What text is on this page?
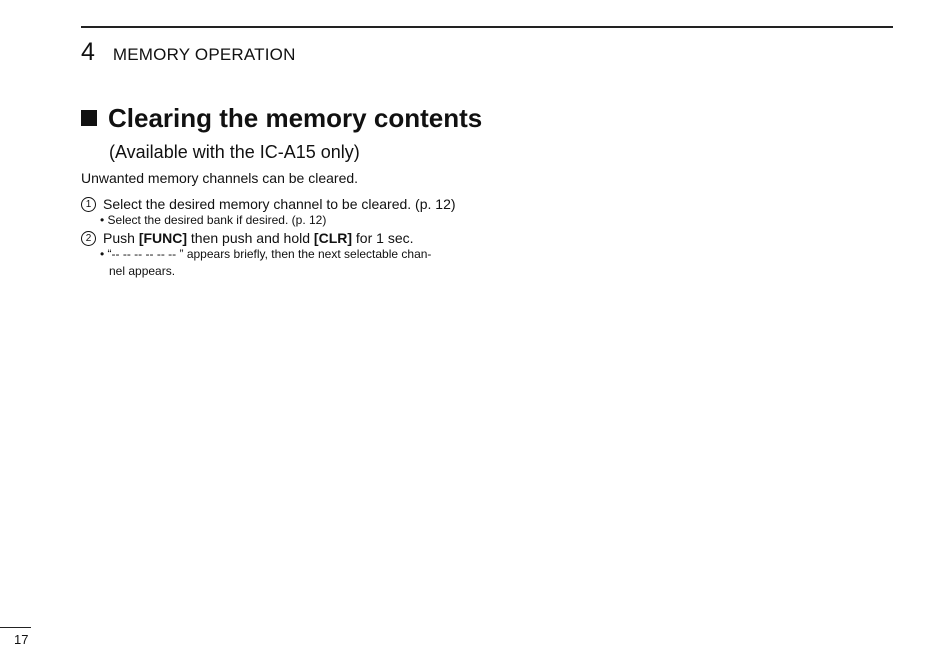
4 MEMORY OPERATION
Clearing the memory contents
(Available with the IC-A15 only)
Unwanted memory channels can be cleared.
1 Select the desired memory channel to be cleared. (p. 12)
• Select the desired bank if desired. (p. 12)
2 Push [FUNC] then push and hold [CLR] for 1 sec.
• “-- -- -- -- -- -- ” appears briefly, then the next selectable chan-
nel appears.
17
